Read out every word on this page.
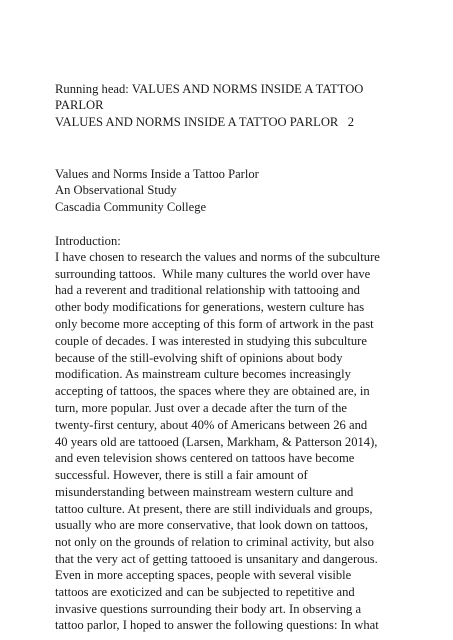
Running head: VALUES AND NORMS INSIDE A TATTOO

PARLOR

VALUES AND NORMS INSIDE A TATTOO PARLOR   2

Values and Norms Inside a Tattoo Parlor

An Observational Study

Cascadia Community College

Introduction:

I have chosen to research the values and norms of the subculture

surrounding tattoos.  While many cultures the world over have

had a reverent and traditional relationship with tattooing and

other body modifications for generations, western culture has

only become more accepting of this form of artwork in the past

couple of decades. I was interested in studying this subculture

because of the still-evolving shift of opinions about body

modification. As mainstream culture becomes increasingly

accepting of tattoos, the spaces where they are obtained are, in

turn, more popular. Just over a decade after the turn of the

twenty-first century, about 40% of Americans between 26 and

40 years old are tattooed (Larsen, Markham, & Patterson 2014),

and even television shows centered on tattoos have become

successful. However, there is still a fair amount of

misunderstanding between mainstream western culture and

tattoo culture. At present, there are still individuals and groups,

usually who are more conservative, that look down on tattoos,

not only on the grounds of relation to criminal activity, but also

that the very act of getting tattooed is unsanitary and dangerous.

Even in more accepting spaces, people with several visible

tattoos are exoticized and can be subjected to repetitive and

invasive questions surrounding their body art. In observing a

tattoo parlor, I hoped to answer the following questions: In what
